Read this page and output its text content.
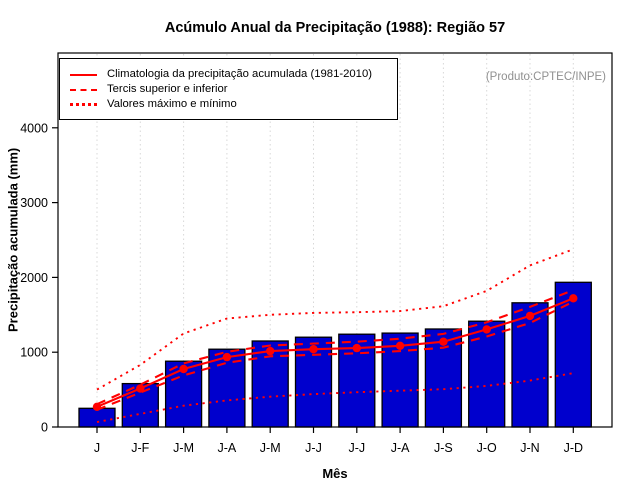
Acúmulo Anual da Precipitação (1988): Região 57
J J-F J-M J-A J-M J-J J-J J-A J-S J-O J-N J-D
0
1000
2000
3000
4000
Climatologia da precipitação acumulada (1981-2010)
Tercis superior e inferior
Valores máximo e mínimo
(Produto:CPTEC/INPE)
Precipitação acumulada (mm)
Mês
